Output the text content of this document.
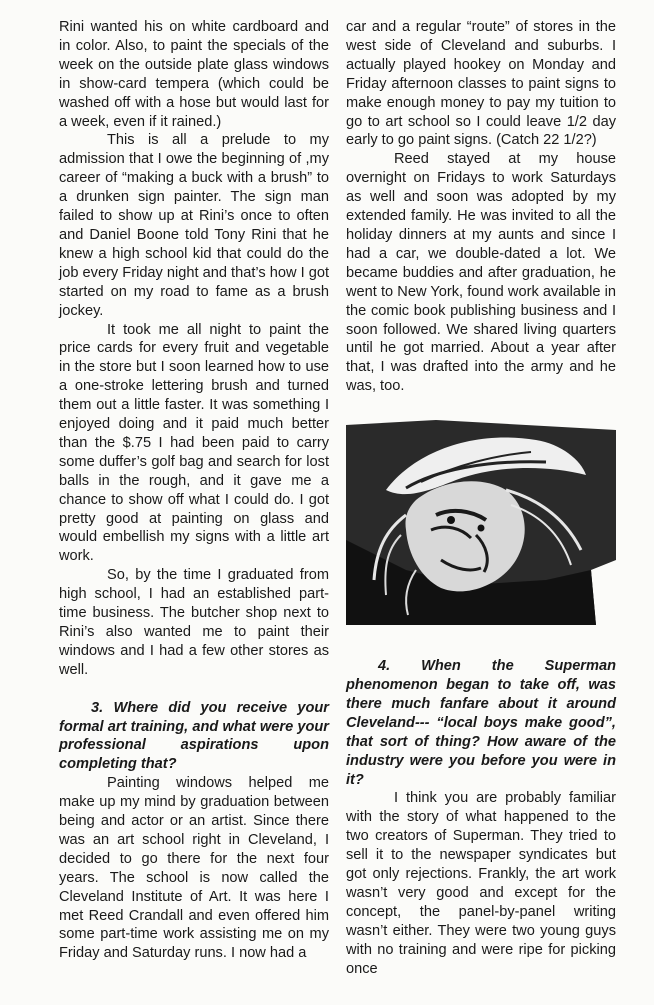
Rini wanted his on white cardboard and in color. Also, to paint the specials of the week on the outside plate glass windows in show-card tempera (which could be washed off with a hose but would last for a week, even if it rained.)

This is all a prelude to my admission that I owe the beginning of ,my career of “making a buck with a brush” to a drunken sign painter. The sign man failed to show up at Rini’s once to often and Daniel Boone told Tony Rini that he knew a high school kid that could do the job every Friday night and that’s how I got started on my road to fame as a brush jockey.

It took me all night to paint the price cards for every fruit and vegetable in the store but I soon learned how to use a one-stroke lettering brush and turned them out a little faster. It was something I enjoyed doing and it paid much better than the $.75 I had been paid to carry some duffer’s golf bag and search for lost balls in the rough, and it gave me a chance to show off what I could do. I got pretty good at painting on glass and would embellish my signs with a little art work.

So, by the time I graduated from high school, I had an established part-time business. The butcher shop next to Rini’s also wanted me to paint their windows and I had a few other stores as well.

3. Where did you receive your formal art training, and what were your professional aspirations upon completing that?

Painting windows helped me make up my mind by graduation between being and actor or an artist. Since there was an art school right in Cleveland, I decided to go there for the next four years. The school is now called the Cleveland Institute of Art. It was here I met Reed Crandall and even offered him some part-time work assisting me on my Friday and Saturday runs. I now had a

car and a regular “route” of stores in the west side of Cleveland and suburbs. I actually played hookey on Monday and Friday afternoon classes to paint signs to make enough money to pay my tuition to go to art school so I could leave 1/2 day early to go paint signs. (Catch 22 1/2?)

Reed stayed at my house overnight on Fridays to work Saturdays as well and soon was adopted by my extended family. He was invited to all the holiday dinners at my aunts and since I had a car, we double-dated a lot. We became buddies and after graduation, he went to New York, found work available in the comic book publishing business and I soon followed. We shared living quarters until he got married. About a year after that, I was drafted into the army and he was, too.

4. When the Superman phenomenon began to take off, was there much fanfare about it around Cleveland--- “local boys make good”, that sort of thing? How aware of the industry were you before you were in it?

I think you are probably familiar with the story of what happened to the two creators of Superman. They tried to sell it to the newspaper syndicates but got only rejections. Frankly, the art work wasn’t very good and except for the concept, the panel-by-panel writing wasn’t either. They were two young guys with no training and were ripe for picking once
